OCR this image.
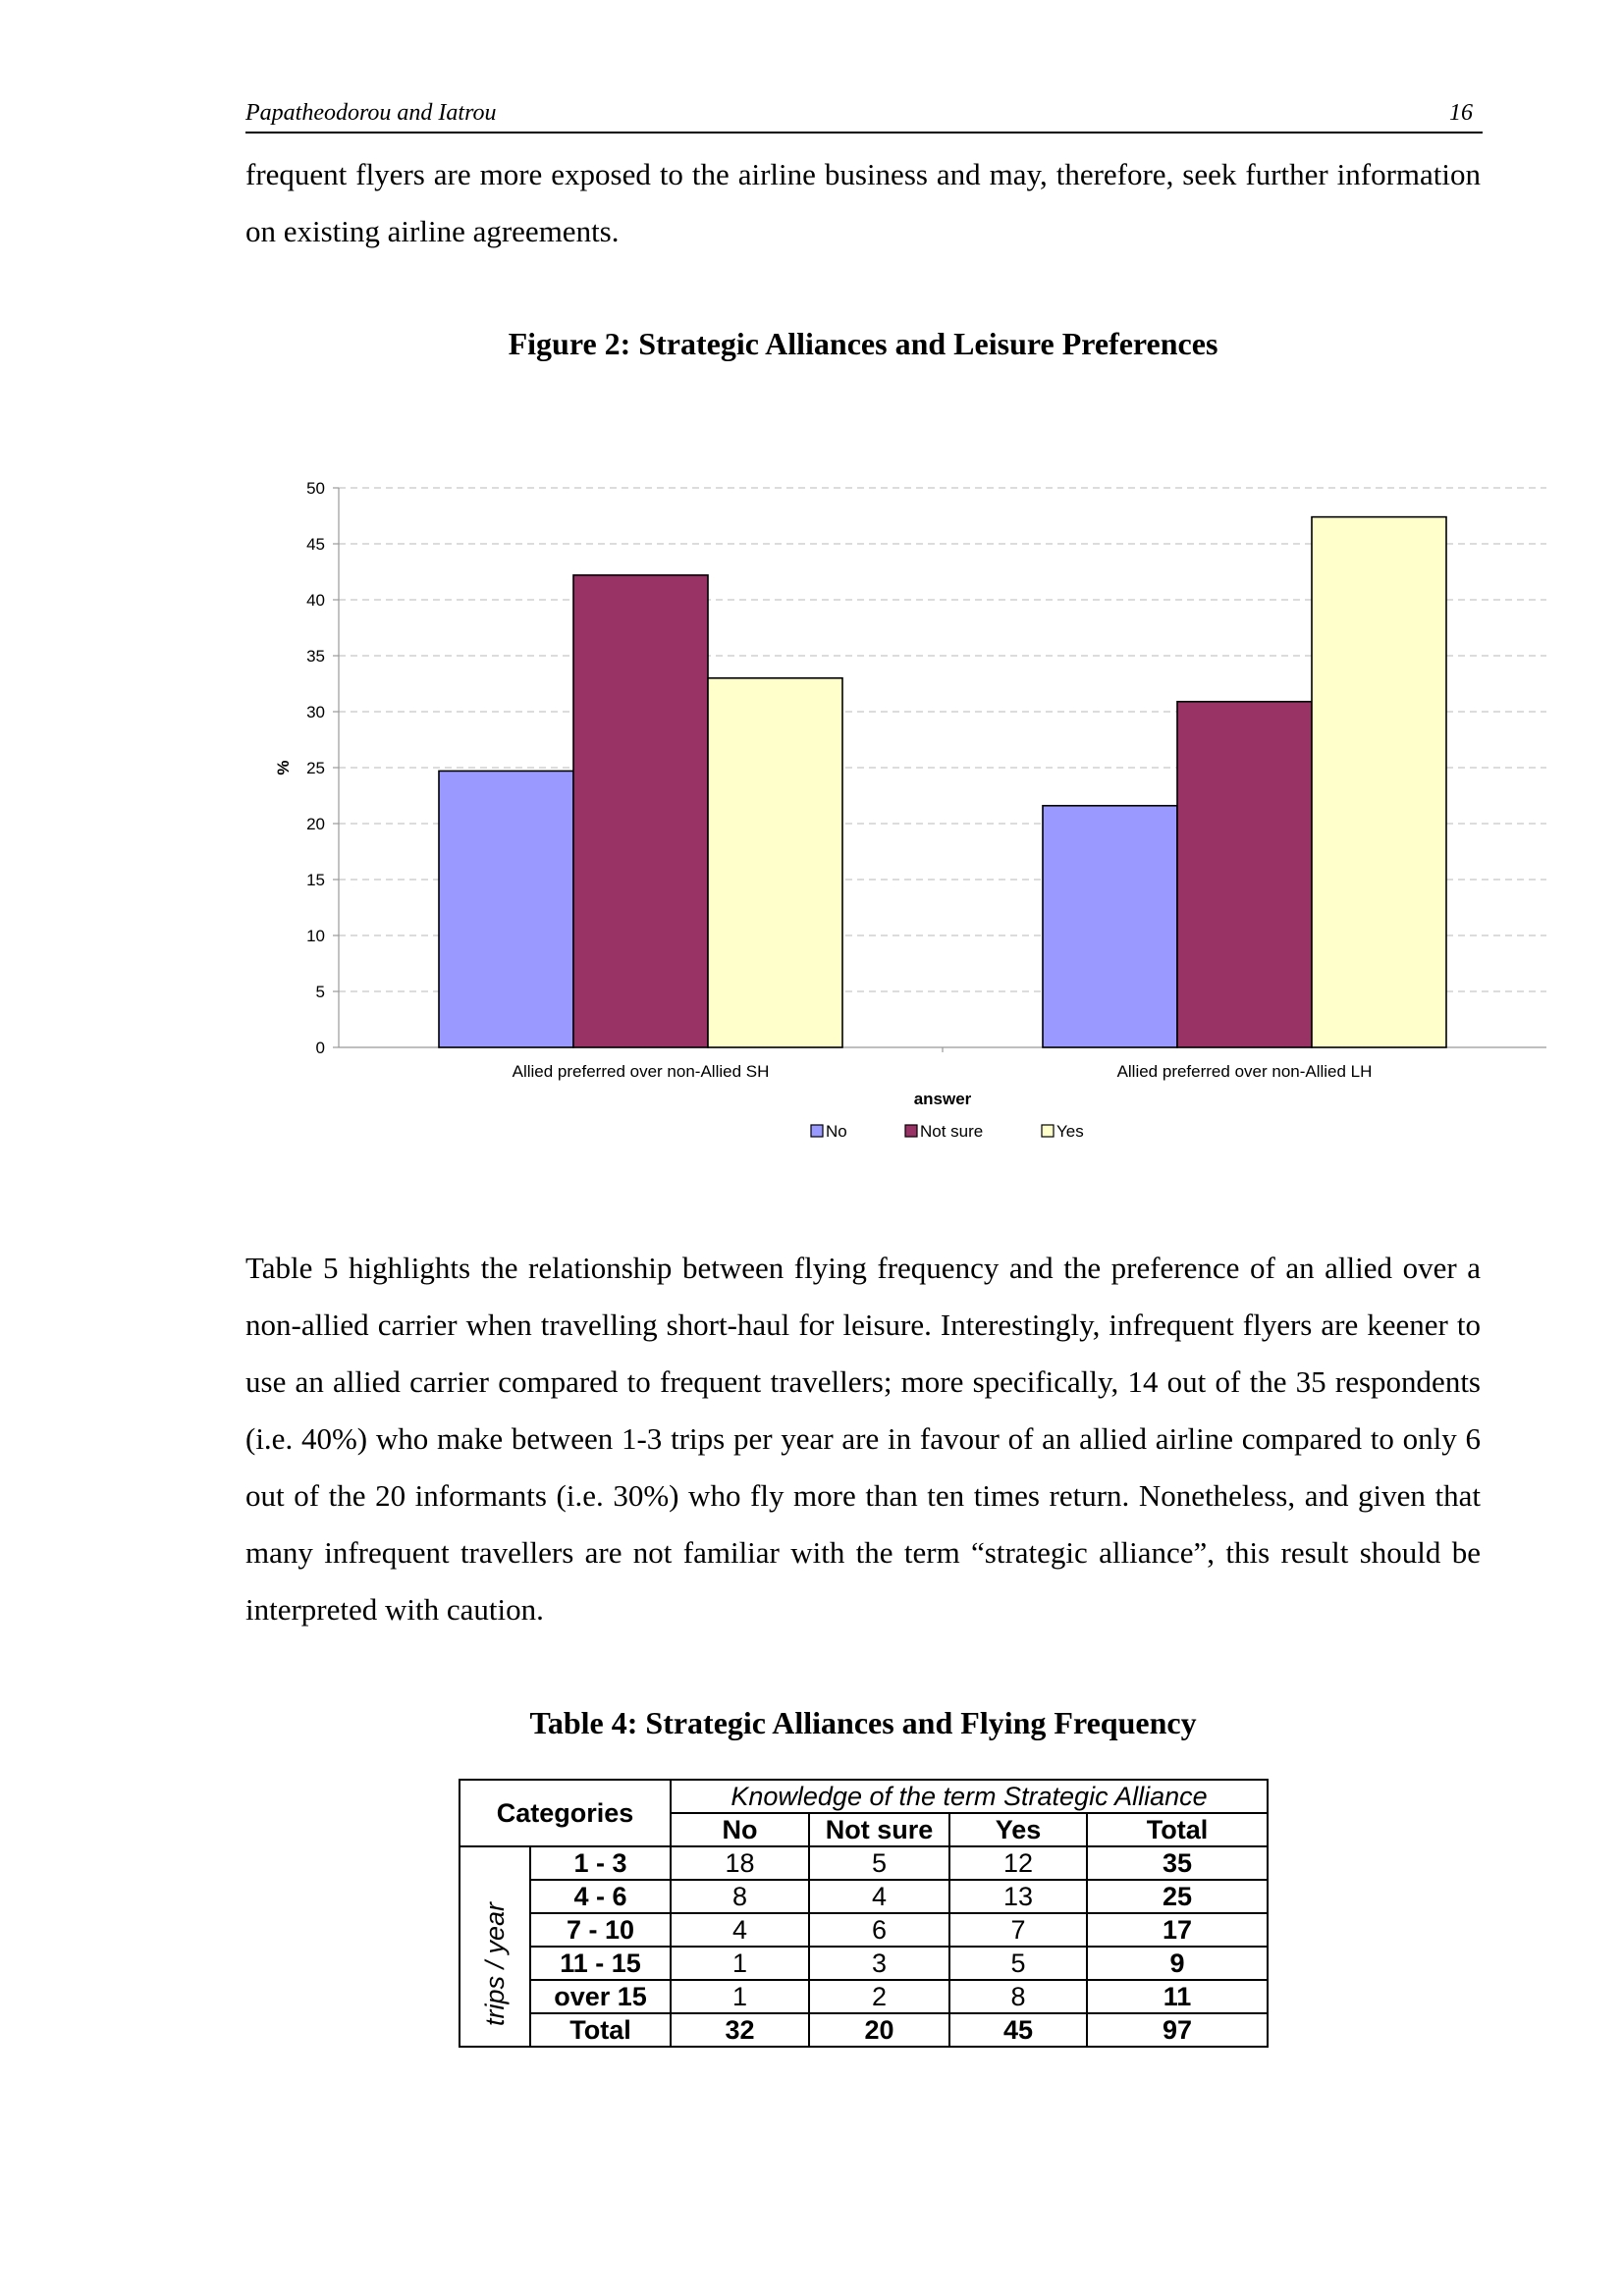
Papatheodorou and Iatrou	16

frequent flyers are more exposed to the airline business and may, therefore, seek further information on existing airline agreements.

Figure 2: Strategic Alliances and Leisure Preferences

0
5
10
15
20
25
30
35
40
45
50
Allied preferred over non-Allied SH	Allied preferred over non-Allied LH
answer
%
No	Not sure	Yes

Table 5 highlights the relationship between flying frequency and the preference of an allied over a non-allied carrier when travelling short-haul for leisure. Interestingly, infrequent flyers are keener to use an allied carrier compared to frequent travellers; more specifically, 14 out of the 35 respondents (i.e. 40%) who make between 1-3 trips per year are in favour of an allied airline compared to only 6 out of the 20 informants (i.e. 30%) who fly more than ten times return. Nonetheless, and given that many infrequent travellers are not familiar with the term “strategic alliance”, this result should be interpreted with caution.

Table 4: Strategic Alliances and Flying Frequency

Categories		Knowledge of the term Strategic Alliance			
		No	Not sure	Yes	Total

trips / year	1 - 3	18	5	12	35
	4 - 6	8	4	13	25
	7 - 10	4	6	7	17
	11 - 15	1	3	5	9
	over 15	1	2	8	11
	Total	32	20	45	97
